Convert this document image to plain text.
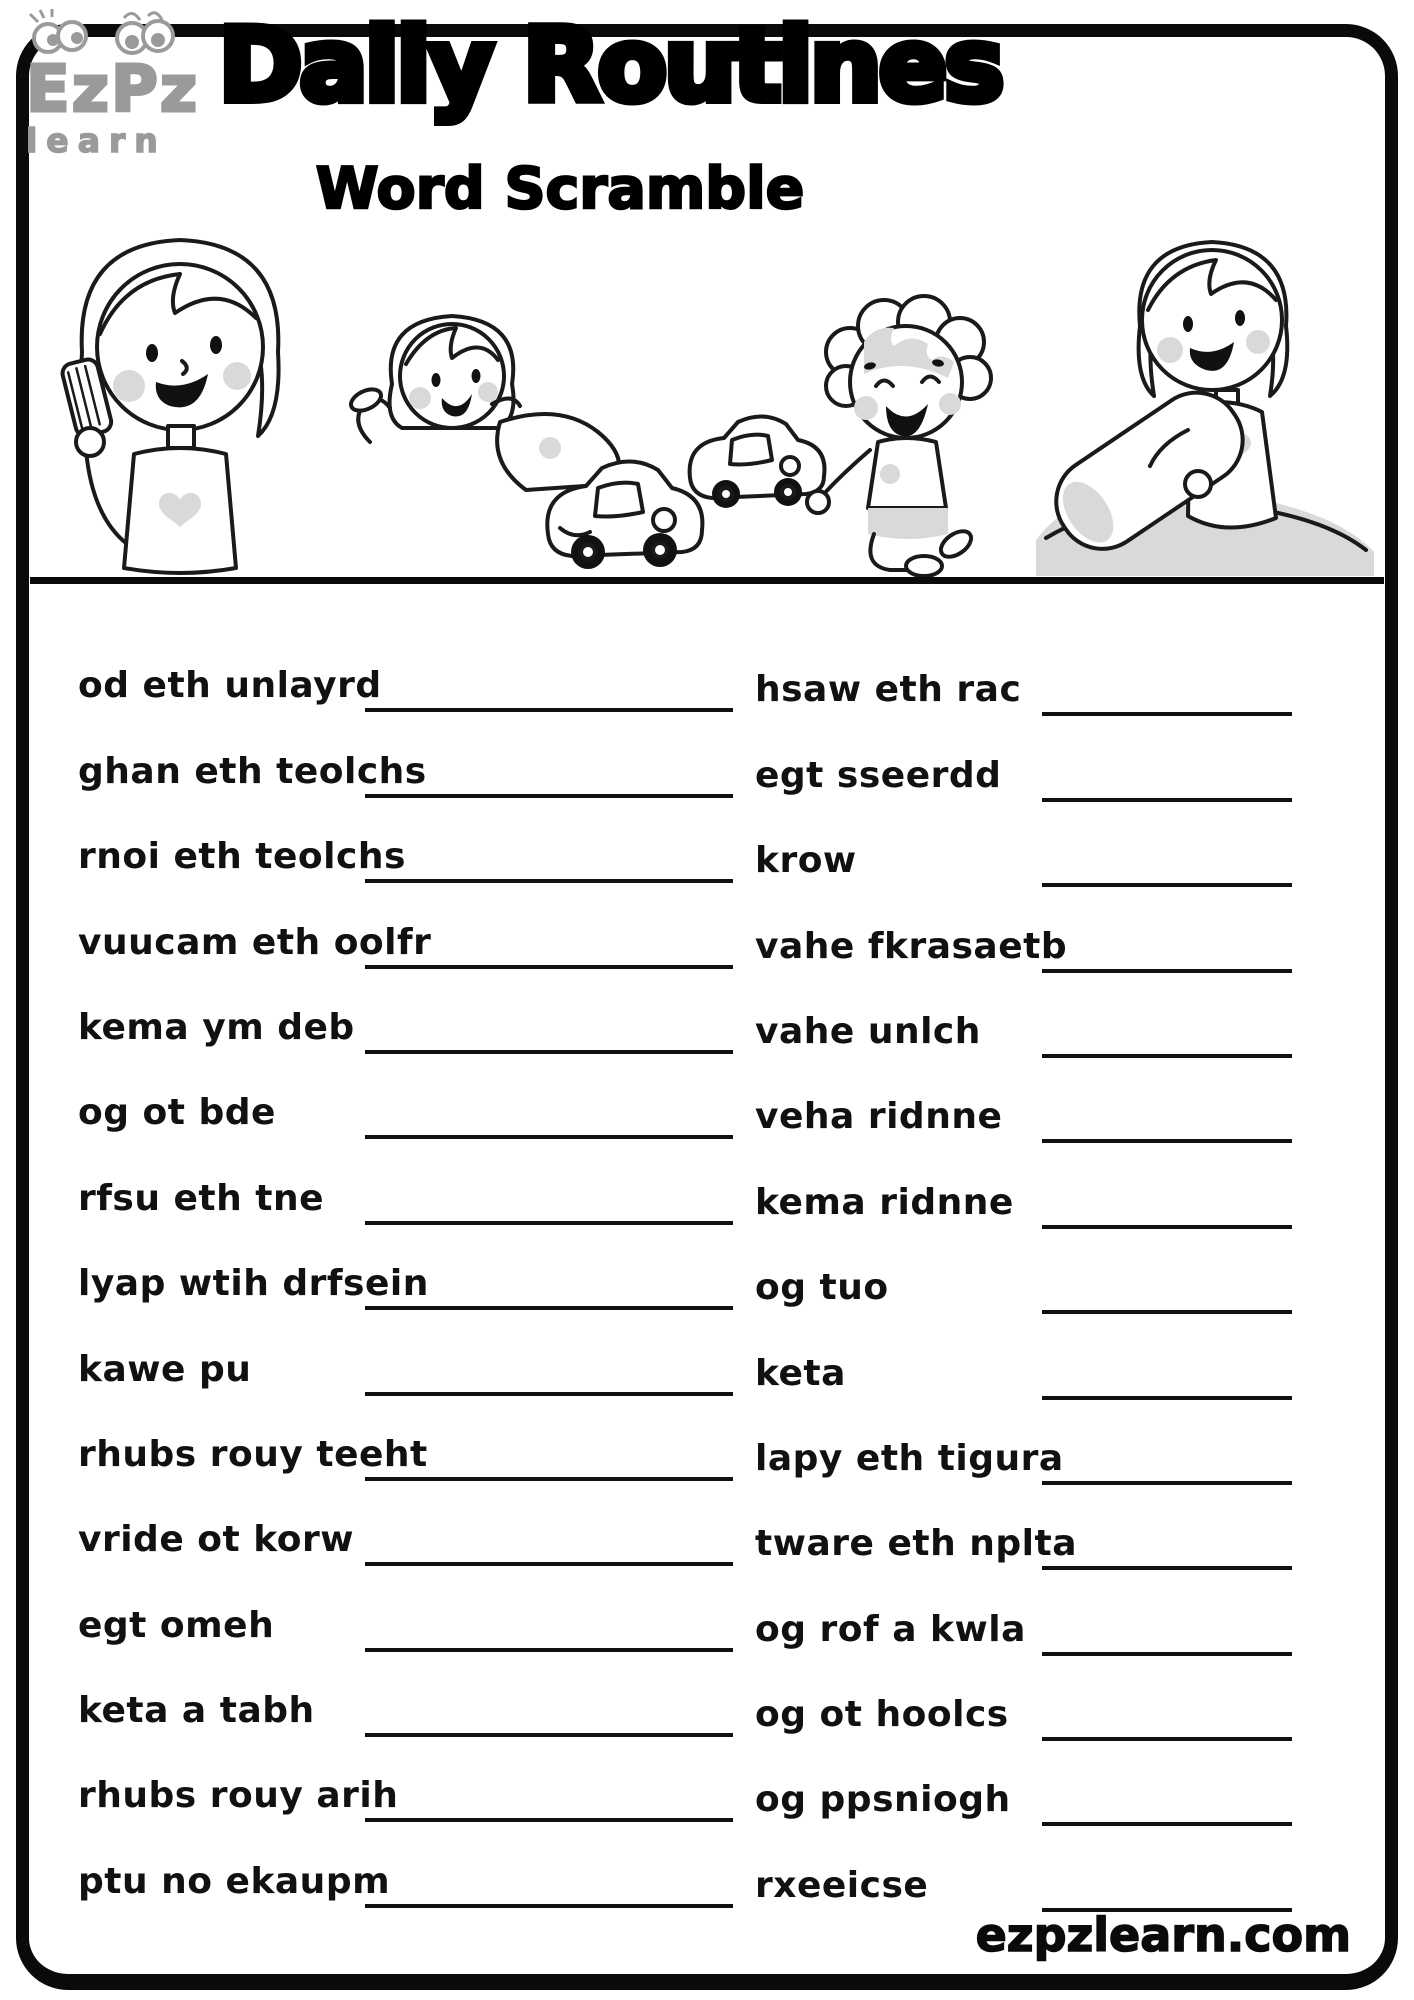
EzPz
learn
Daily Routines
Word Scramble
od eth unlayrd
ghan eth teolchs
rnoi eth teolchs
vuucam eth oolfr
kema ym deb
og ot bde
rfsu eth tne
lyap wtih drfsein
kawe pu
rhubs rouy teeht
vride ot korw
egt omeh
keta a tabh
rhubs rouy arih
ptu no ekaupm
hsaw eth rac
egt sseerdd
krow
vahe fkrasaetb
vahe unlch
veha ridnne
kema ridnne
og tuo
keta
lapy eth tigura
tware eth nplta
og rof a kwla
og ot hoolcs
og ppsniogh
rxeeicse
ezpzlearn.com
